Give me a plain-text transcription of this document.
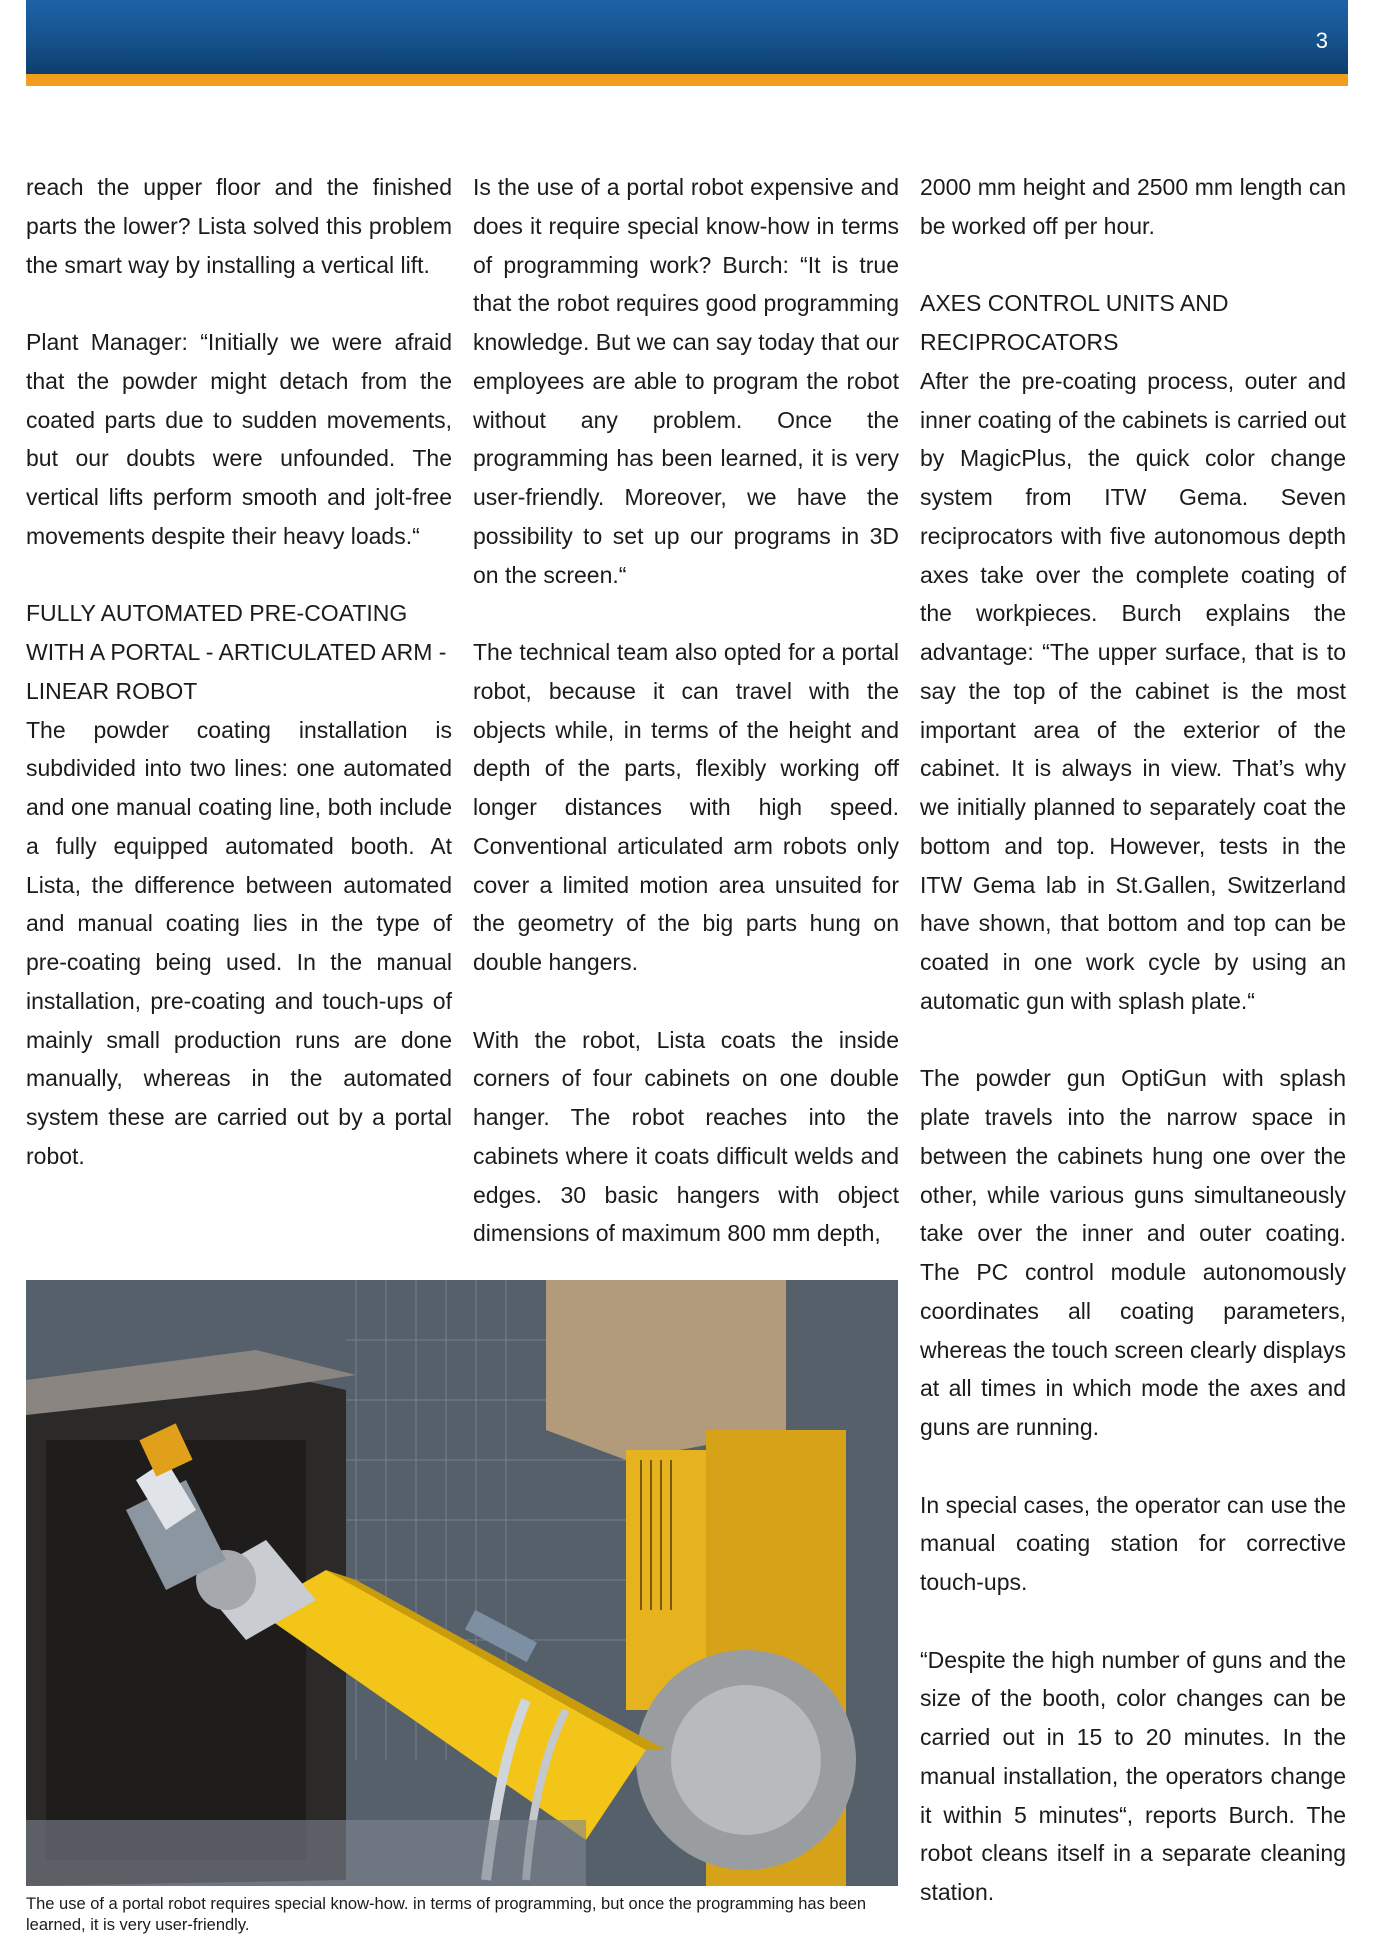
3

reach the upper floor and the finished parts the lower? Lista solved this problem the smart way by installing a vertical lift.

Plant Manager: “Initially we were afraid that the powder might detach from the coated parts due to sudden movements, but our doubts were unfounded. The vertical lifts perform smooth and jolt-free movements despite their heavy loads.“

FULLY AUTOMATED PRE-COATING WITH A PORTAL - ARTICULATED ARM - LINEAR ROBOT

The powder coating installation is subdivided into two lines: one automated and one manual coating line, both include a fully equipped automated booth. At Lista, the difference between automated and manual coating lies in the type of pre-coating being used. In the manual installation, pre-coating and touch-ups of mainly small production runs are done manually, whereas in the automated system these are carried out by a portal robot.

Is the use of a portal robot expensive and does it require special know-how in terms of programming work? Burch: “It is true that the robot requires good programming knowledge. But we can say today that our employees are able to program the robot without any problem. Once the programming has been learned, it is very user-friendly. Moreover, we have the possibility to set up our programs in 3D on the screen.“

The technical team also opted for a portal robot, because it can travel with the objects while, in terms of the height and depth of the parts, flexibly working off longer distances with high speed. Conventional articulated arm robots only cover a limited motion area unsuited for the geometry of the big parts hung on double hangers.

With the robot, Lista coats the inside corners of four cabinets on one double hanger. The robot reaches into the cabinets where it coats difficult welds and edges. 30 basic hangers with object dimensions of maximum 800 mm depth,

2000 mm height and 2500 mm length can be worked off per hour.

AXES CONTROL UNITS AND RECIPROCATORS

After the pre-coating process, outer and inner coating of the cabinets is carried out by MagicPlus, the quick color change system from ITW Gema. Seven reciprocators with five autonomous depth axes take over the complete coating of the workpieces. Burch explains the advantage: “The upper surface, that is to say the top of the cabinet is the most important area of the exterior of the cabinet. It is always in view. That’s why we initially planned to separately coat the bottom and top. However, tests in the ITW Gema lab in St.Gallen, Switzerland have shown, that bottom and top can be coated in one work cycle by using an automatic gun with splash plate.“

The powder gun OptiGun with splash plate travels into the narrow space in between the cabinets hung one over the other, while various guns simultaneously take over the inner and outer coating. The PC control module autonomously coordinates all coating parameters, whereas the touch screen clearly displays at all times in which mode the axes and guns are running.

In special cases, the operator can use the manual coating station for corrective touch-ups.

“Despite the high number of guns and the size of the booth, color changes can be carried out in 15 to 20 minutes. In the manual installation, the operators change it within 5 minutes“, reports Burch. The robot cleans itself in a separate cleaning station.

The use of a portal robot requires special know-how. in terms of programming, but once the programming has been learned, it is very user-friendly.
